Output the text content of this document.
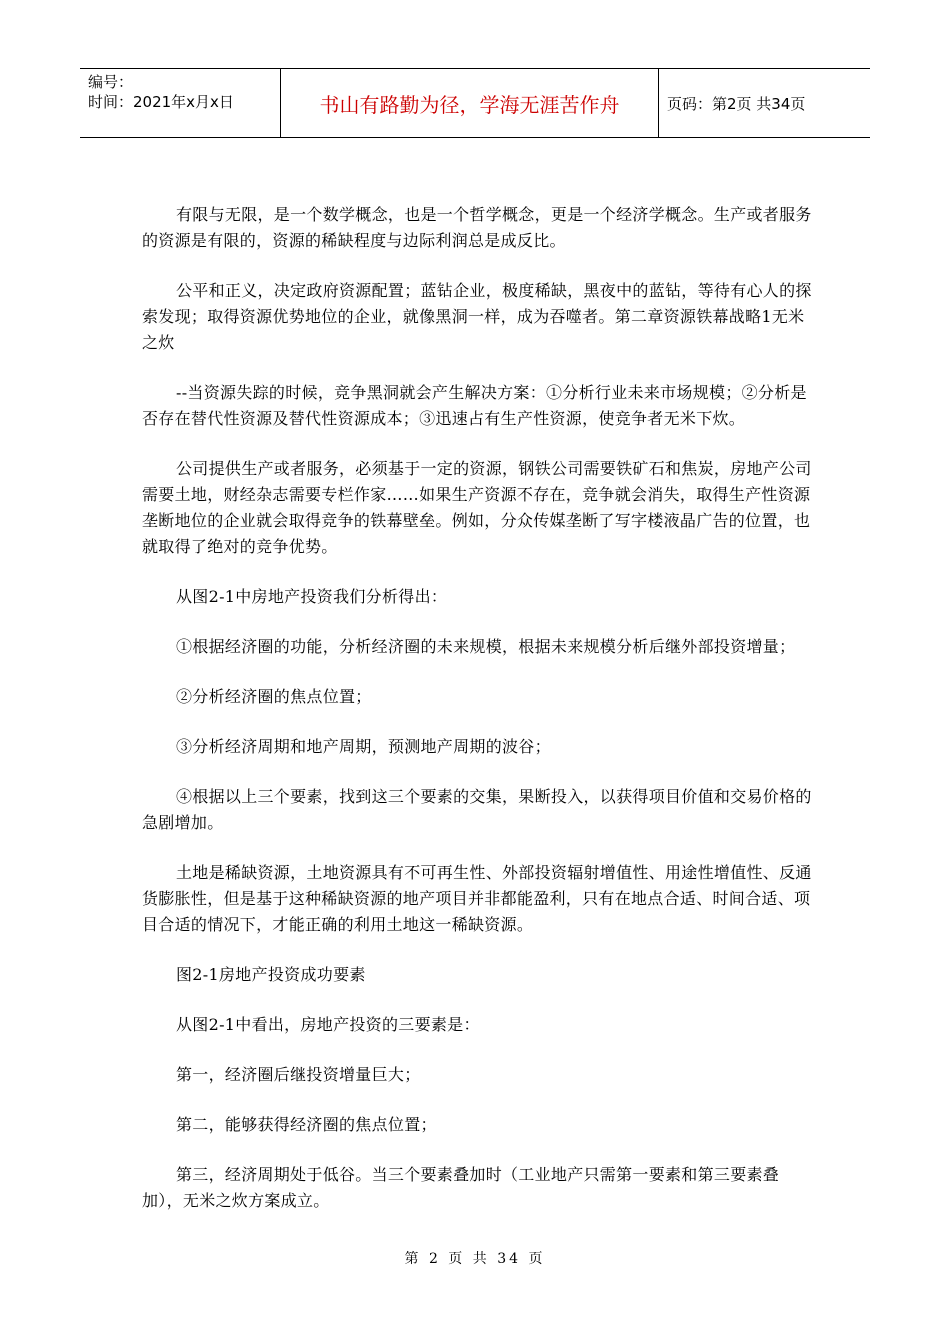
编号：
时间：2021年x月x日	书山有路勤为径，学海无涯苦作舟	页码：第2页 共34页

有限与无限，是一个数学概念，也是一个哲学概念，更是一个经济学概念。生产或者服务的资源是有限的，资源的稀缺程度与边际利润总是成反比。

公平和正义，决定政府资源配置；蓝钻企业，极度稀缺，黑夜中的蓝钻，等待有心人的探索发现；取得资源优势地位的企业，就像黑洞一样，成为吞噬者。第二章资源铁幕战略1无米之炊

--当资源失踪的时候，竞争黑洞就会产生解决方案：①分析行业未来市场规模；②分析是否存在替代性资源及替代性资源成本；③迅速占有生产性资源，使竞争者无米下炊。

公司提供生产或者服务，必须基于一定的资源，钢铁公司需要铁矿石和焦炭，房地产公司需要土地，财经杂志需要专栏作家……如果生产资源不存在，竞争就会消失，取得生产性资源垄断地位的企业就会取得竞争的铁幕壁垒。例如，分众传媒垄断了写字楼液晶广告的位置，也就取得了绝对的竞争优势。

从图2-1中房地产投资我们分析得出：

①根据经济圈的功能，分析经济圈的未来规模，根据未来规模分析后继外部投资增量；

②分析经济圈的焦点位置；

③分析经济周期和地产周期，预测地产周期的波谷；

④根据以上三个要素，找到这三个要素的交集，果断投入，以获得项目价值和交易价格的急剧增加。

土地是稀缺资源，土地资源具有不可再生性、外部投资辐射增值性、用途性增值性、反通货膨胀性，但是基于这种稀缺资源的地产项目并非都能盈利，只有在地点合适、时间合适、项目合适的情况下，才能正确的利用土地这一稀缺资源。

图2-1房地产投资成功要素

从图2-1中看出，房地产投资的三要素是：

第一，经济圈后继投资增量巨大；

第二，能够获得经济圈的焦点位置；

第三，经济周期处于低谷。当三个要素叠加时（工业地产只需第一要素和第三要素叠加），无米之炊方案成立。

第 2 页 共 34 页
